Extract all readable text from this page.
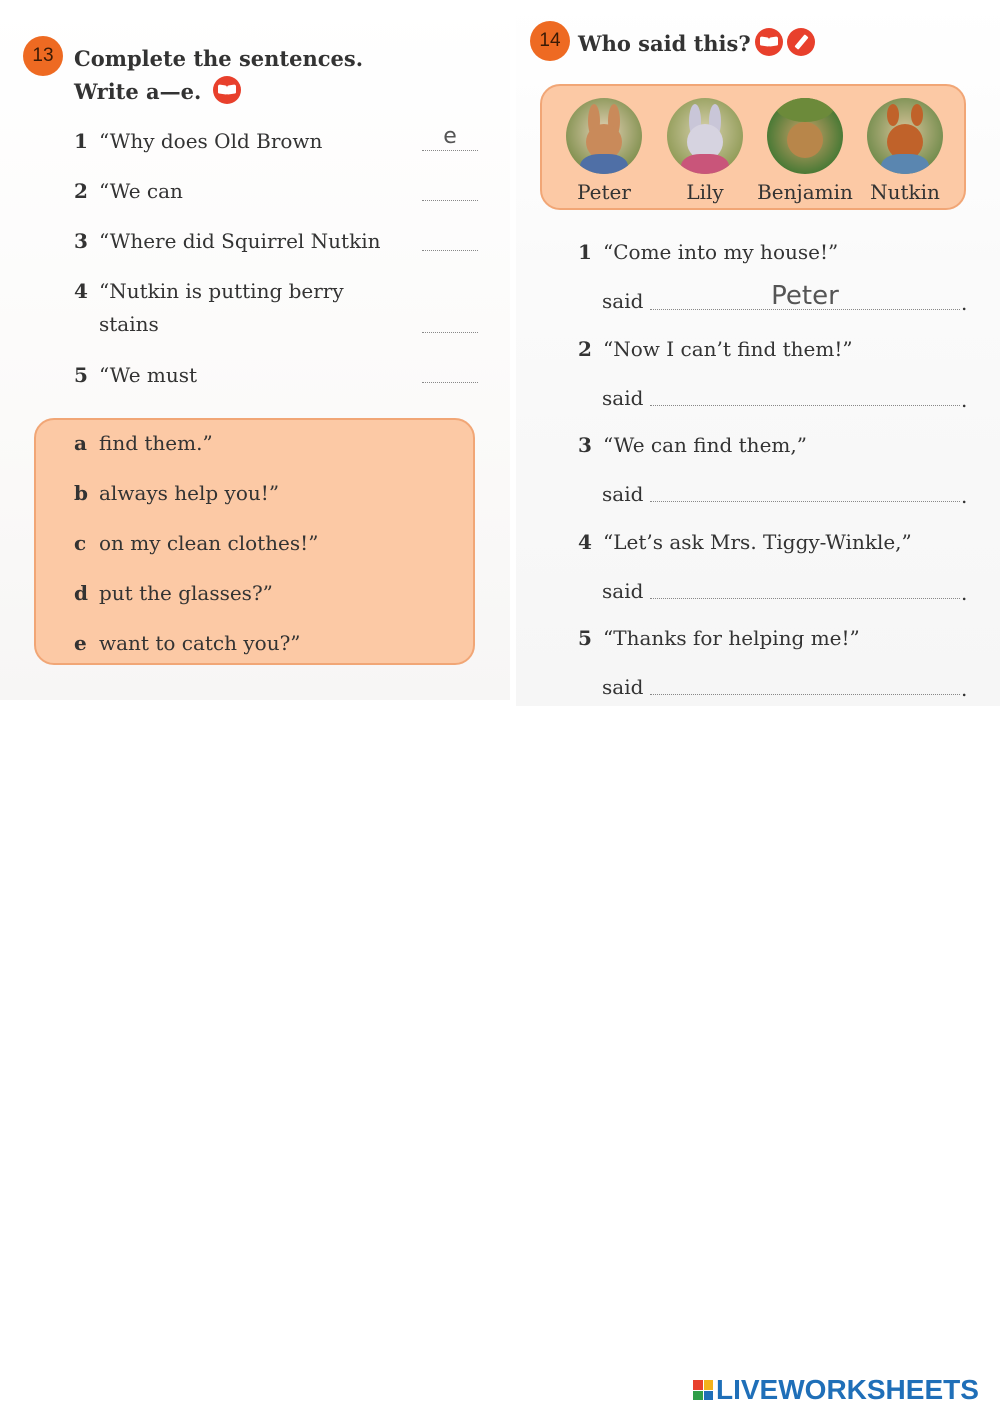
13 Complete the sentences.
Write a—e.
1 “Why does Old Brown	e
2 “We can
3 “Where did Squirrel Nutkin
4 “Nutkin is putting berry
stains
5 “We must
a find them.”
b always help you!”
c on my clean clothes!”
d put the glasses?”
e want to catch you?”
14 Who said this?
Peter	Lily	Benjamin Nutkin
1 “Come into my house!”
said	Peter	.
2 “Now I can’t find them!”
said	.
3 “We can find them,”
said	.
4 “Let’s ask Mrs. Tiggy-Winkle,”
said	.
5 “Thanks for helping me!”
said	.
LIVEWORKSHEETS
